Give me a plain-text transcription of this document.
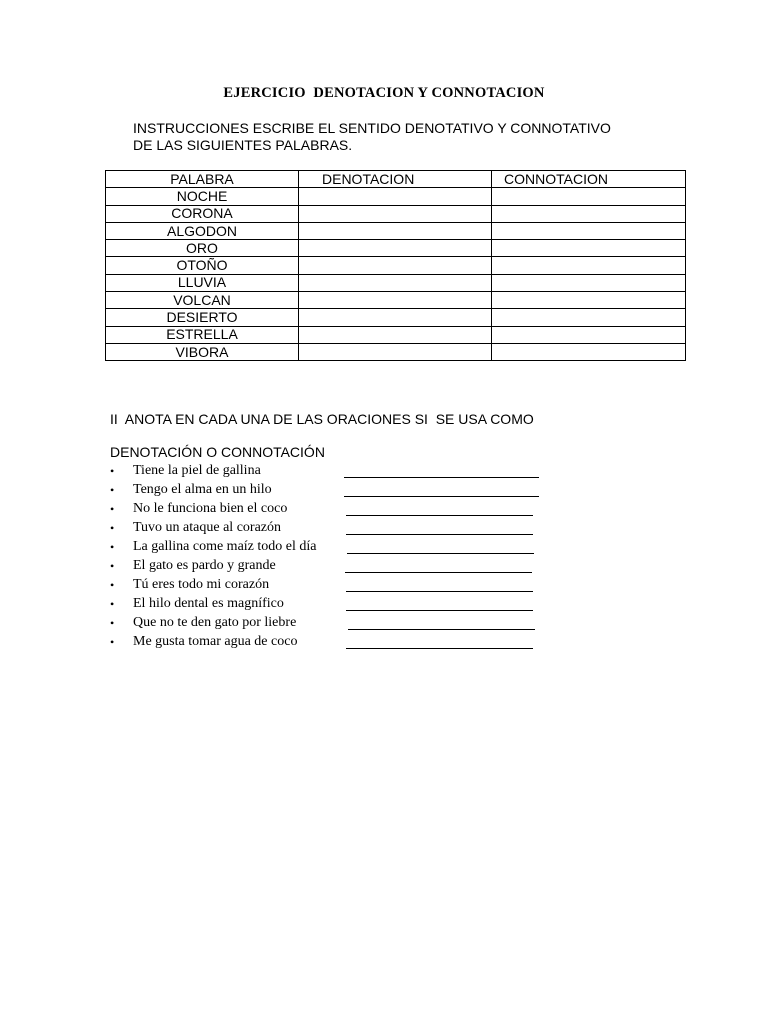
EJERCICIO  DENOTACION Y CONNOTACION
INSTRUCCIONES ESCRIBE EL SENTIDO DENOTATIVO Y CONNOTATIVO
DE LAS SIGUIENTES PALABRAS.
PALABRA	DENOTACION	CONNOTACION
NOCHE		
CORONA		
ALGODON		
ORO		
OTOÑO		
LLUVIA		
VOLCAN		
DESIERTO		
ESTRELLA		
VIBORA		
II  ANOTA EN CADA UNA DE LAS ORACIONES SI  SE USA COMO
DENOTACIÓN O CONNOTACIÓN
• Tiene la piel de gallina
• Tengo el alma en un hilo
• No le funciona bien el coco
• Tuvo un ataque al corazón
• La gallina come maíz todo el día
• El gato es pardo y grande
• Tú eres todo mi corazón
• El hilo dental es magnífico
• Que no te den gato por liebre
• Me gusta tomar agua de coco
